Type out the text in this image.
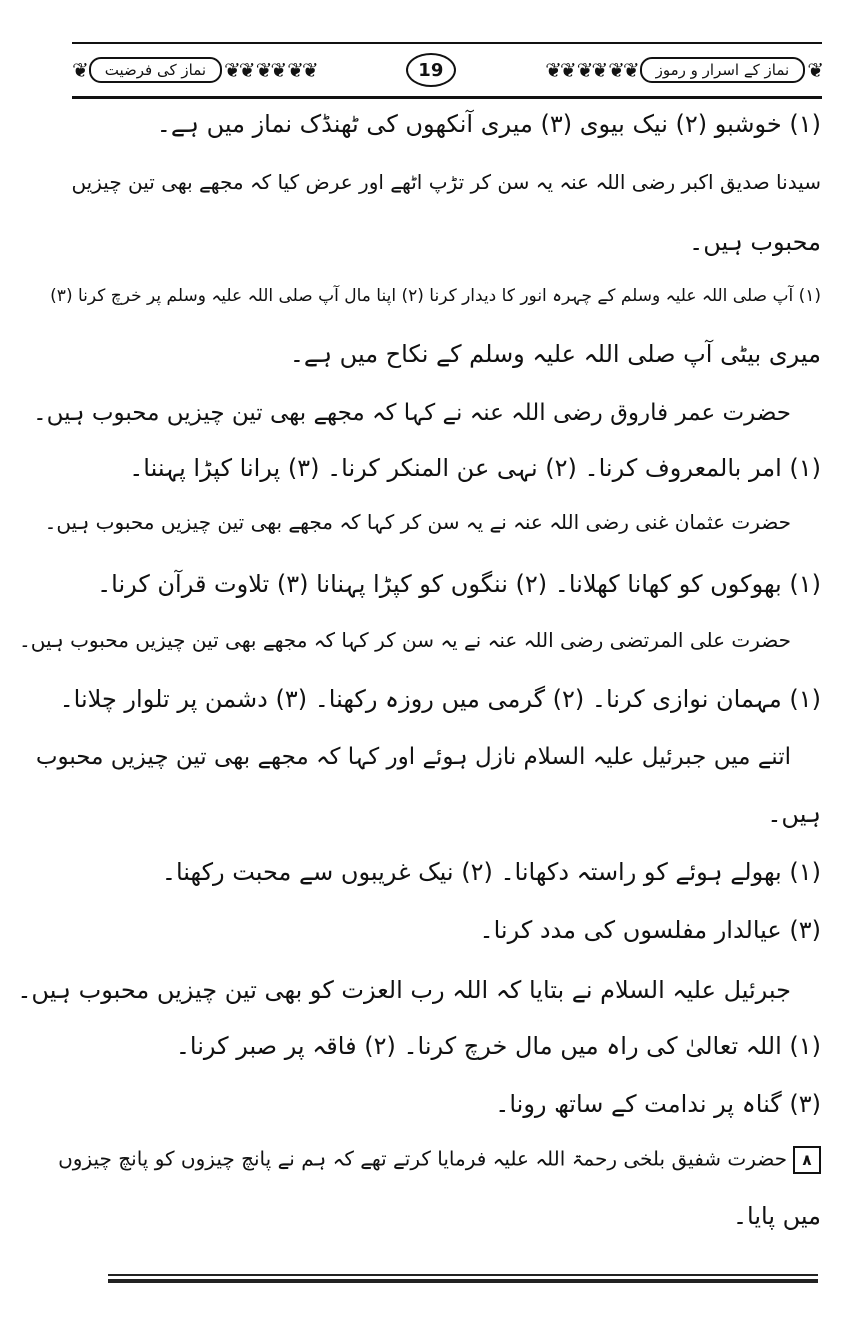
❦	نماز کی فرضیت ❦❦ ❦❦ ❦❦	19	❦❦ ❦❦ ❦❦	نماز کے اسرار و رموز ❦
(۱) خوشبو (۲) نیک بیوی (۳) میری آنکھوں کی ٹھنڈک نماز میں ہے۔
سیدنا صدیق اکبر رضی اللہ عنہ یہ سن کر تڑپ اٹھے اور عرض کیا کہ مجھے بھی تین چیزیں
محبوب ہیں۔
(۱) آپ صلی اللہ علیہ وسلم کے چہرہ انور کا دیدار کرنا (۲) اپنا مال آپ صلی اللہ علیہ وسلم پر خرچ کرنا (۳)
میری بیٹی آپ صلی اللہ علیہ وسلم کے نکاح میں ہے۔
حضرت عمر فاروق رضی اللہ عنہ نے کہا کہ مجھے بھی تین چیزیں محبوب ہیں۔
(۱) امر بالمعروف کرنا۔ (۲) نہی عن المنکر کرنا۔ (۳) پرانا کپڑا پہننا۔
حضرت عثمان غنی رضی اللہ عنہ نے یہ سن کر کہا کہ مجھے بھی تین چیزیں محبوب ہیں۔
(۱) بھوکوں کو کھانا کھلانا۔ (۲) ننگوں کو کپڑا پہنانا (۳) تلاوت قرآن کرنا۔
حضرت علی المرتضی رضی اللہ عنہ نے یہ سن کر کہا کہ مجھے بھی تین چیزیں محبوب ہیں۔
(۱) مہمان نوازی کرنا۔ (۲) گرمی میں روزہ رکھنا۔ (۳) دشمن پر تلوار چلانا۔
اتنے میں جبرئیل علیہ السلام نازل ہوئے اور کہا کہ مجھے بھی تین چیزیں محبوب
ہیں۔
(۱) بھولے ہوئے کو راستہ دکھانا۔ (۲) نیک غریبوں سے محبت رکھنا۔
(۳) عیالدار مفلسوں کی مدد کرنا۔
جبرئیل علیہ السلام نے بتایا کہ اللہ رب العزت کو بھی تین چیزیں محبوب ہیں۔
(۱) اللہ تعالیٰ کی راہ میں مال خرچ کرنا۔ (۲) فاقہ پر صبر کرنا۔
(۳) گناہ پر ندامت کے ساتھ رونا۔
۸حضرت شفیق بلخی رحمۃ اللہ علیہ فرمایا کرتے تھے کہ ہم نے پانچ چیزوں کو پانچ چیزوں
میں پایا۔
